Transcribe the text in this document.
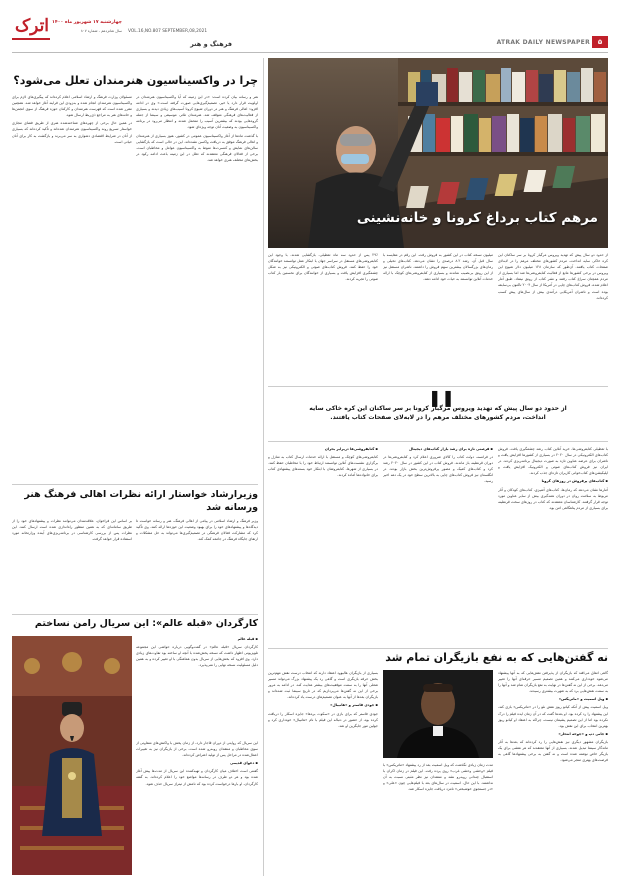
اترک چهارشنبه ۱۷ شهریور ماه ۱۴۰۰
سال شانزدهم - شماره ۸۰۷ VOL.16,NO.807 SEPTEMBER,08,2021
فرهنگ و هنر	ATRAK DAILY NEWSPAPER	۵
مرهم کتاب برداغ کرونا و خانه‌نشینی

از حدود دو سال پیش که تهدید ویروس مرگبار کرونا بر سر ساکنان این کره خاکی سایه انداخت، مردم کشورهای مختلف مرهم را در لابه‌لای صفحات کتاب یافتند. آن‌طور که سازمان ۱۲۸ میلیون دلار شیوع این ویروس در برخی کشورها مانع از فعالیت کتابفروشی‌ها شد اما بسیاری از مردم همچنان سراغ کتاب رفتند و نشر کتاب از رونق نیفتاد. طبق آمار اعلام شده، فروش کتاب‌های چاپی در آمریکا از سال ۲۰۰۴ تاکنون بی‌سابقه بوده است و ناشران آمریکایی درآمدی بیش از سال‌های پیش کسب کرده‌اند.

میلیون نسخه کتاب در این کشور به فروش رفت. این رقم در مقایسه با سال قبل آن، رشد ۸.۲ درصدی را نشان می‌دهد. کتاب‌های تخیلی و رمان‌های بزرگسالان بیشترین سهم فروش را داشتند. ناشران مستقل نیز از این رونق بی‌نصیب نماندند و بسیاری از کتابفروشی‌های کوچک با ارائه خدمات آنلاین توانستند به حیات خود ادامه دهند.

۲۹٪ پس از حدود سه ماه تعطیلی، بازگشایی شدند. با وجود این کتابفروشی‌های مستقل در سراسر جهان با ابتکار عمل توانستند خوانندگان خود را حفظ کنند. فروش کتاب‌های صوتی و الکترونیکی نیز به شکل چشمگیری افزایش یافت و بسیاری از خوانندگان برای نخستین بار کتاب صوتی را تجربه کردند.

❚❚
از حدود دو سال پیش که تهدید ویروس مرگبار کرونا بر سر ساکنان این کره خاکی سایه انداخت، مردم کشورهای مختلف مرهم را در لابه‌لای صفحات کتاب یافتند.

با تعطیلی کتابفروشی‌ها، خرید آنلاین کتاب رشد چشمگیری یافت. فروش کتاب‌های الکترونیکی در سال ۲۰۲۰ در بسیاری از کشورها افزایش یافت و ناشران برای عرضه عناوین تازه به صورت دیجیتال برنامه‌ریزی کردند. در ایران نیز فروش کتاب‌های صوتی و الکترونیک افزایش یافت و اپلیکیشن‌های کتاب‌خوانی کاربران تازه‌ای جذب کردند.

▪ کتاب‌های پرفروش در روزهای کرونا

آمارها نشان می‌دهد که رمان‌ها، کتاب‌های آشپزی، کتاب‌های کودکان و آثار مربوط به سلامت روان در دوران همه‌گیری بیش از سایر عناوین مورد توجه قرار گرفتند. کارشناسان معتقدند که کتاب در روزهای سخت قرنطینه برای بسیاری از مردم پناهگاهی امن بود.

▪ فرصتی تازه برای رشد بازار کتاب‌های دیجیتال

در فرانسه، دولت کتاب را کالای ضروری اعلام کرد و کتابفروشی‌ها در دوران قرنطینه باز ماندند. فروش کتاب در این کشور در سال ۲۰۲۰ رشد کرد و کتاب‌های کمیک و مصور پرفروش‌ترین بخش بازار بودند. در انگلستان نیز فروش کتاب‌های چاپی به بالاترین سطح خود در یک دهه اخیر رسید.

▪ کتابفروشی‌ها دربرابر بحران

کتابفروشی‌های کوچک و مستقل با ارائه خدمات ارسال کتاب به منازل و برگزاری نشست‌های آنلاین توانستند ارتباط خود را با مخاطبان حفظ کنند. در بسیاری از شهرها، کتابفروشان با ابتکار خود بسته‌های پیشنهادی کتاب برای خانواده‌ها آماده کردند.

نه گفتن‌هایی که به نفع بازیگران تمام شد

گاهی اتفاق می‌افتد که بازیگران از پذیرفتن نقش‌هایی که به آنها پیشنهاد می‌شود خودداری می‌کنند و همین تصمیم مسیر حرفه‌ای آنها را تغییر می‌دهد. برخی از این نه گفتن‌ها در نهایت به نفع بازیگران تمام شد و آنها را به سمت نقش‌هایی برد که به شهرت بیشتری رسیدند.

▪ ویل اسمیت و «ماتریکس»

ویل اسمیت پیش از آنکه کیانو ریوز نقش نئو را در «ماتریکس» بازی کند، این پیشنهاد را رد کرده بود. او بعدها گفت که در آن زمان ایده فیلم را درک نکرده بود اما از این تصمیم پشیمان نیست، چراکه به اعتقاد او کیانو ریوز بهترین انتخاب برای این نقش بود.

▪ جانی دپ و «جوخه انتحار»

بازیگران مشهور دیگری نیز نقش‌هایی را رد کرده‌اند که بعدها به آثار ماندگار سینما تبدیل شدند. بسیاری از آنها معتقدند که هر نقشی برای یک بازیگر خاص نوشته شده است و نه گفتن به برخی پیشنهادها گاهی به فرصت‌های بهتری منجر می‌شود.

مدت زمان زیادی نگذشت که ویل اسمیت بعد از رد پیشنهاد «ماتریکس» با فیلم «وحشی وحشی غرب» روی پرده رفت. این فیلم در زمان اکران با استقبال چندانی روبه‌رو نشد و منتقدان نیز نظر مثبتی نسبت به آن نداشتند. با این حال، اسمیت در سال‌های بعد با فیلم‌هایی چون «علی» و «در جستجوی خوشبختی» نامزد دریافت جایزه اسکار شد.

بسیاری از بازیگران هالیوود اعتقاد دارند که انتخاب درست نقش مهم‌ترین بخش حرفه بازیگری است و گاهی رد یک پیشنهاد بزرگ می‌تواند مسیر شغلی آنها را به سمت موفقیت‌های بیشتر هدایت کند. در ادامه به مرور برخی از این نه گفتن‌ها می‌پردازیم که در تاریخ سینما ثبت شده‌اند و بازیگران بعدها از آنها به عنوان تصمیم‌های درست یاد کرده‌اند.

▪ جودی فاستر و «هانیبال»

جودی فاستر که برای بازی در «سکوت بره‌ها» جایزه اسکار را دریافت کرده بود، از حضور در دنباله این فیلم با نام «هانیبال» خودداری کرد و جولین مور جایگزین او شد.

چرا در واکسیناسیون هنرمندان تعلل می‌شود؟

هنر و رسانه بیان کرده است: «در این زمینه که آیا واکسیناسیون هنرمندان در اولویت قرار دارد یا خیر، تصمیم‌گیری‌هایی صورت گرفته است.» وی در ادامه افزود: اهالی فرهنگ و هنر در دوران شیوع کرونا آسیب‌های زیادی دیدند و بسیاری از فعالیت‌های فرهنگی متوقف شد. هنرمندان تئاتر، موسیقی و سینما از جمله گروه‌هایی بودند که بیشترین آسیب را متحمل شدند و انتظار می‌رود در برنامه واکسیناسیون به وضعیت آنان توجه ویژه‌ای شود.

با گذشت ماه‌ها از آغاز واکسیناسیون عمومی در کشور، هنوز بسیاری از هنرمندان و اهالی فرهنگ موفق به دریافت واکسن نشده‌اند. این در حالی است که بازگشایی سالن‌های نمایش و کنسرت‌ها منوط به واکسیناسیون عوامل و مخاطبان است. برخی از فعالان فرهنگی معتقدند که تعلل در این زمینه باعث ادامه رکود در بخش‌های مختلف هنری خواهد شد.

مسئولان وزارت فرهنگ و ارشاد اسلامی اعلام کرده‌اند که پیگیری‌های لازم برای واکسیناسیون هنرمندان انجام شده و به‌زودی این فرایند آغاز خواهد شد. همچنین مقرر شده است که فهرست هنرمندان و کارکنان حوزه فرهنگ از سوی انجمن‌ها و خانه‌های هنر به مراجع ذی‌ربط ارسال شود.

در همین حال برخی از چهره‌های شناخته‌شده هنری از طریق فضای مجازی خواستار تسریع روند واکسیناسیون هنرمندان شده‌اند و تأکید کرده‌اند که بسیاری از آنان در شرایط اقتصادی دشواری به سر می‌برند و بازگشت به کار برای آنان حیاتی است.

وزیرارشاد خواستار ارائه نظرات اهالی فرهنگ هنر ورسانه شد

وزیر فرهنگ و ارشاد اسلامی در پیامی از اهالی فرهنگ، هنر و رسانه خواست تا دیدگاه‌ها و پیشنهادهای خود را برای بهبود وضعیت این حوزه‌ها ارائه کنند. وی تأکید کرد که مشارکت فعالان فرهنگی در تصمیم‌گیری‌ها می‌تواند به حل مشکلات و ارتقای جایگاه فرهنگ در جامعه کمک کند.

بر اساس این فراخوان، علاقه‌مندان می‌توانند نظرات و پیشنهادهای خود را از طریق سامانه‌ای که به همین منظور راه‌اندازی شده است ارسال کنند. این نظرات پس از بررسی کارشناسی در برنامه‌ریزی‌های آینده وزارتخانه مورد استفاده قرار خواهد گرفت.

کارگردان «قبله عالم»: این سریال رامن نساختم

▪ قبله عالم

کارگردان سریال «قبله عالم» در گفت‌وگویی درباره حواشی این مجموعه تلویزیونی اظهار داشت که نسخه پخش‌شده با آنچه او ساخته بود تفاوت‌های زیادی دارد. وی افزود که بخش‌هایی از سریال بدون هماهنگی با او تغییر کرده و به همین دلیل مسئولیت نسخه نهایی را نمی‌پذیرد.

این سریال که روایتی از دوران قاجار دارد، از زمان پخش با واکنش‌های متفاوتی از سوی مخاطبان و منتقدان روبه‌رو شده است. برخی از بازیگران نیز به تغییرات اعمال‌شده در مراحل پس از تولید اعتراض کرده‌اند.

▪ دعوای قدیمی

گفتنی است اختلاف میان کارگردان و تهیه‌کننده این سریال از مدت‌ها پیش آغاز شده بود و هر دو طرف در رسانه‌ها مواضع خود را اعلام کرده‌اند. به گفته کارگردان، او بارها درخواست کرده بود که نامش از تیتراژ سریال حذف شود.
